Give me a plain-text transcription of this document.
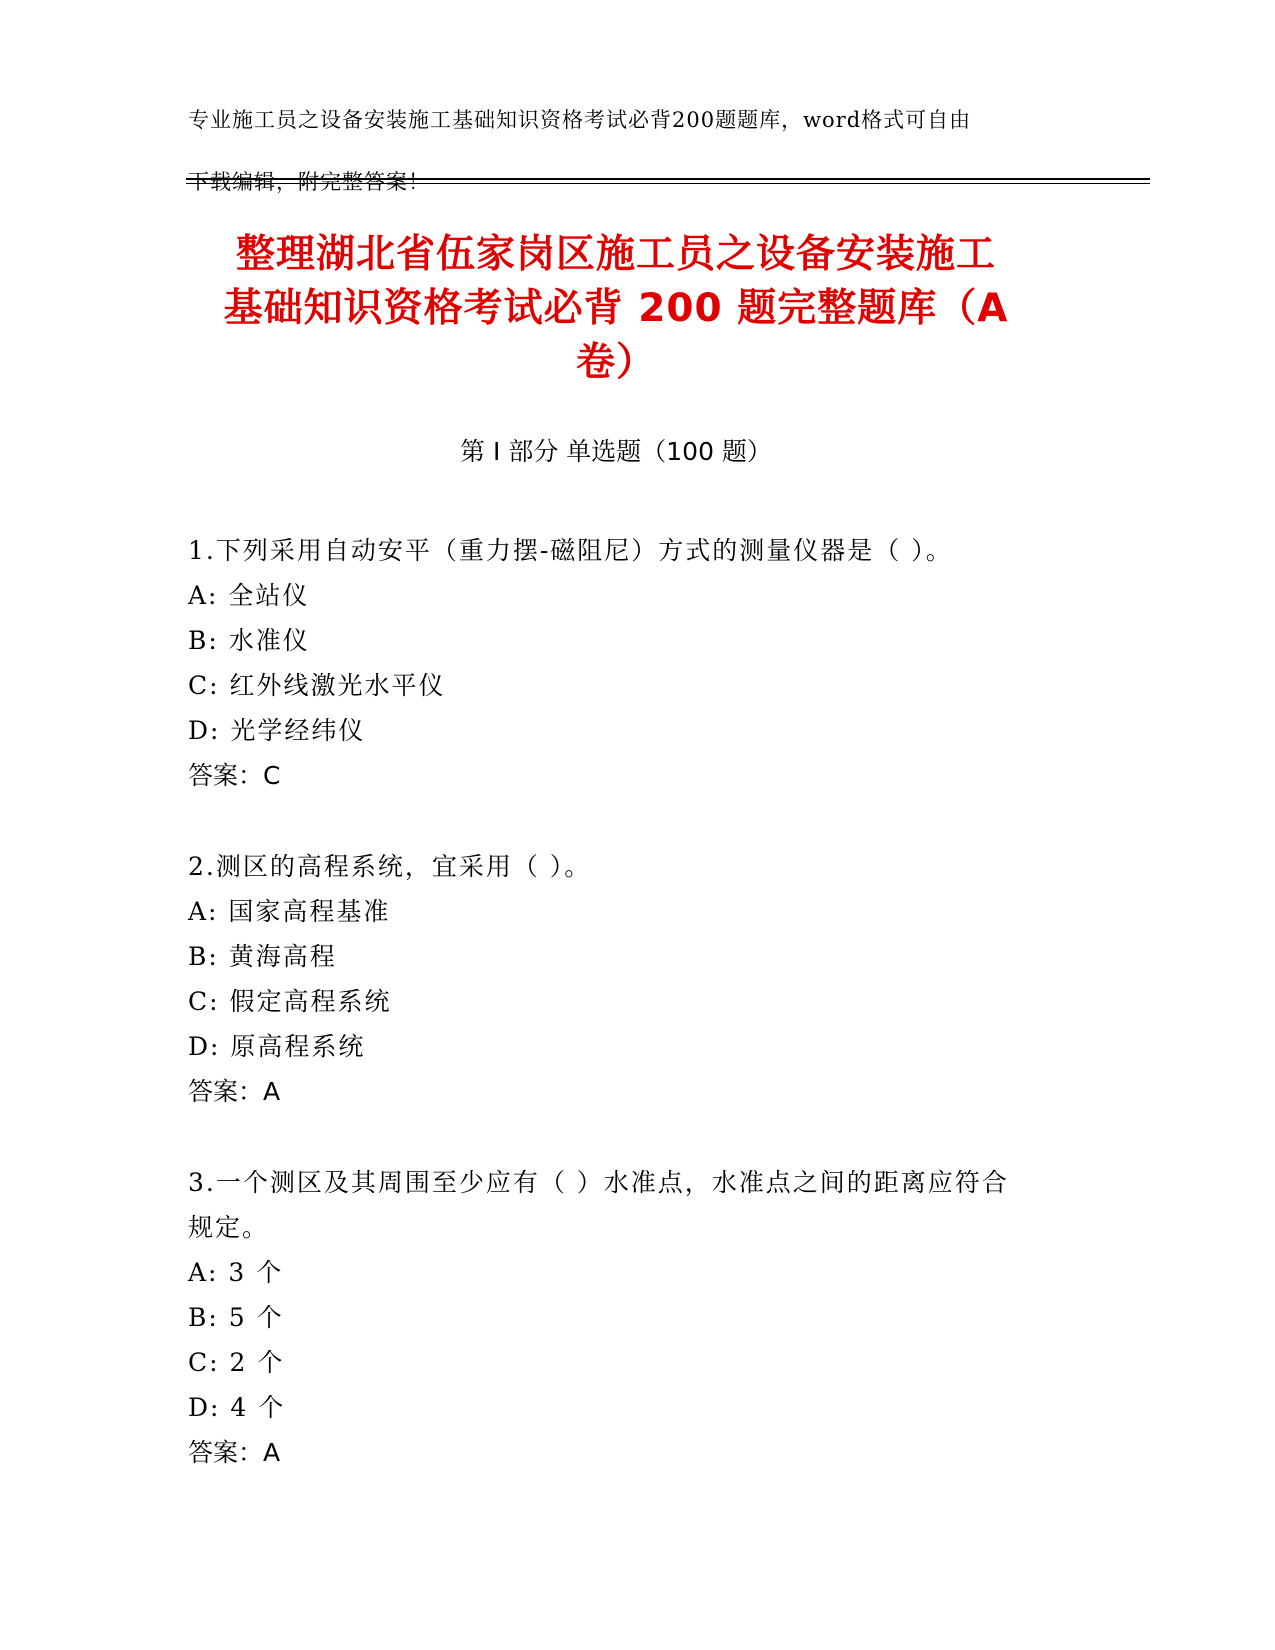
专业施工员之设备安装施工基础知识资格考试必背200题题库，word格式可自由

下载编辑，附完整答案！

整理湖北省伍家岗区施工员之设备安装施工
基础知识资格考试必背 200 题完整题库（A
卷）
第 I 部分 单选题（100 题）

1.下列采用自动安平（重力摆-磁阻尼）方式的测量仪器是（ ）。

A: 全站仪

B: 水准仪

C: 红外线激光水平仪

D: 光学经纬仪

答案：C

2.测区的高程系统，宜采用（ ）。

A: 国家高程基准

B: 黄海高程

C: 假定高程系统

D: 原高程系统

答案：A

3.一个测区及其周围至少应有（ ）水准点，水准点之间的距离应符合

规定。

A: 3 个

B: 5 个

C: 2 个

D: 4 个

答案：A
